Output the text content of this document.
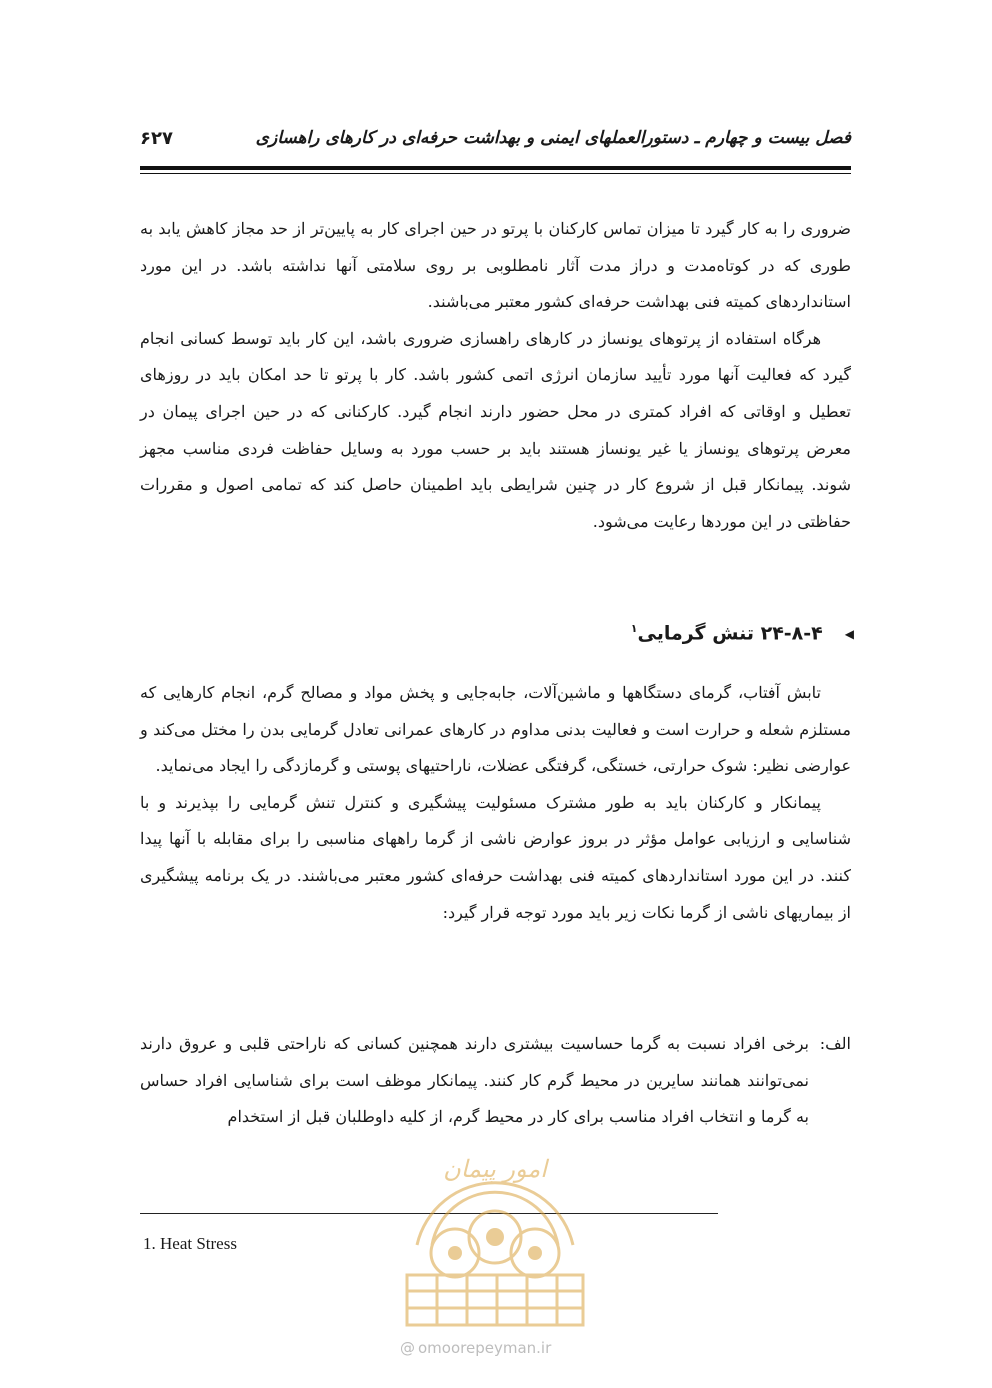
فصل بیست و چهارم ـ دستورالعملهای ایمنی و بهداشت حرفه‌ای در کارهای راهسازی
۶۲۷

ضروری را به کار گیرد تا میزان تماس کارکنان با پرتو در حین اجرای کار به پایین‌تر از حد مجاز کاهش یابد به طوری که در کوتاه‌مدت و دراز مدت آثار نامطلوبی بر روی سلامتی آنها نداشته باشد. در این مورد استانداردهای کمیته فنی بهداشت حرفه‌ای کشور معتبر می‌باشند.

هرگاه استفاده از پرتوهای یونساز در کارهای راهسازی ضروری باشد، این کار باید توسط کسانی انجام گیرد که فعالیت آنها مورد تأیید سازمان انرژی اتمی کشور باشد. کار با پرتو تا حد امکان باید در روزهای تعطیل و اوقاتی که افراد کمتری در محل حضور دارند انجام گیرد. کارکنانی که در حین اجرای پیمان در معرض پرتوهای یونساز یا غیر یونساز هستند باید بر حسب مورد به وسایل حفاظت فردی مناسب مجهز شوند. پیمانکار قبل از شروع کار در چنین شرایطی باید اطمینان حاصل کند که تمامی اصول و مقررات حفاظتی در این موردها رعایت می‌شود.

◀۲۴-۸-۴ تنش گرمایی$^۱$

تابش آفتاب، گرمای دستگاهها و ماشین‌آلات، جابه‌جایی و پخش مواد و مصالح گرم، انجام کارهایی که مستلزم شعله و حرارت است و فعالیت بدنی مداوم در کارهای عمرانی تعادل گرمایی بدن را مختل می‌کند و عوارضی نظیر: شوک حرارتی، خستگی، گرفتگی عضلات، ناراحتیهای پوستی و گرمازدگی را ایجاد می‌نماید.

پیمانکار و کارکنان باید به طور مشترک مسئولیت پیشگیری و کنترل تنش گرمایی را بپذیرند و با شناسایی و ارزیابی عوامل مؤثر در بروز عوارض ناشی از گرما راههای مناسبی را برای مقابله با آنها پیدا کنند. در این مورد استانداردهای کمیته فنی بهداشت حرفه‌ای کشور معتبر می‌باشند. در یک برنامه پیشگیری از بیماریهای ناشی از گرما نکات زیر باید مورد توجه قرار گیرد:

الف:
برخی افراد نسبت به گرما حساسیت بیشتری دارند همچنین کسانی که ناراحتی قلبی و عروق دارند نمی‌توانند همانند سایرین در محیط گرم کار کنند. پیمانکار موظف است برای شناسایی افراد حساس به گرما و انتخاب افراد مناسب برای کار در محیط گرم، از کلیه داوطلبان قبل از استخدام
1. Heat Stress
امور پیمان
@ omoorepeyman.ir
